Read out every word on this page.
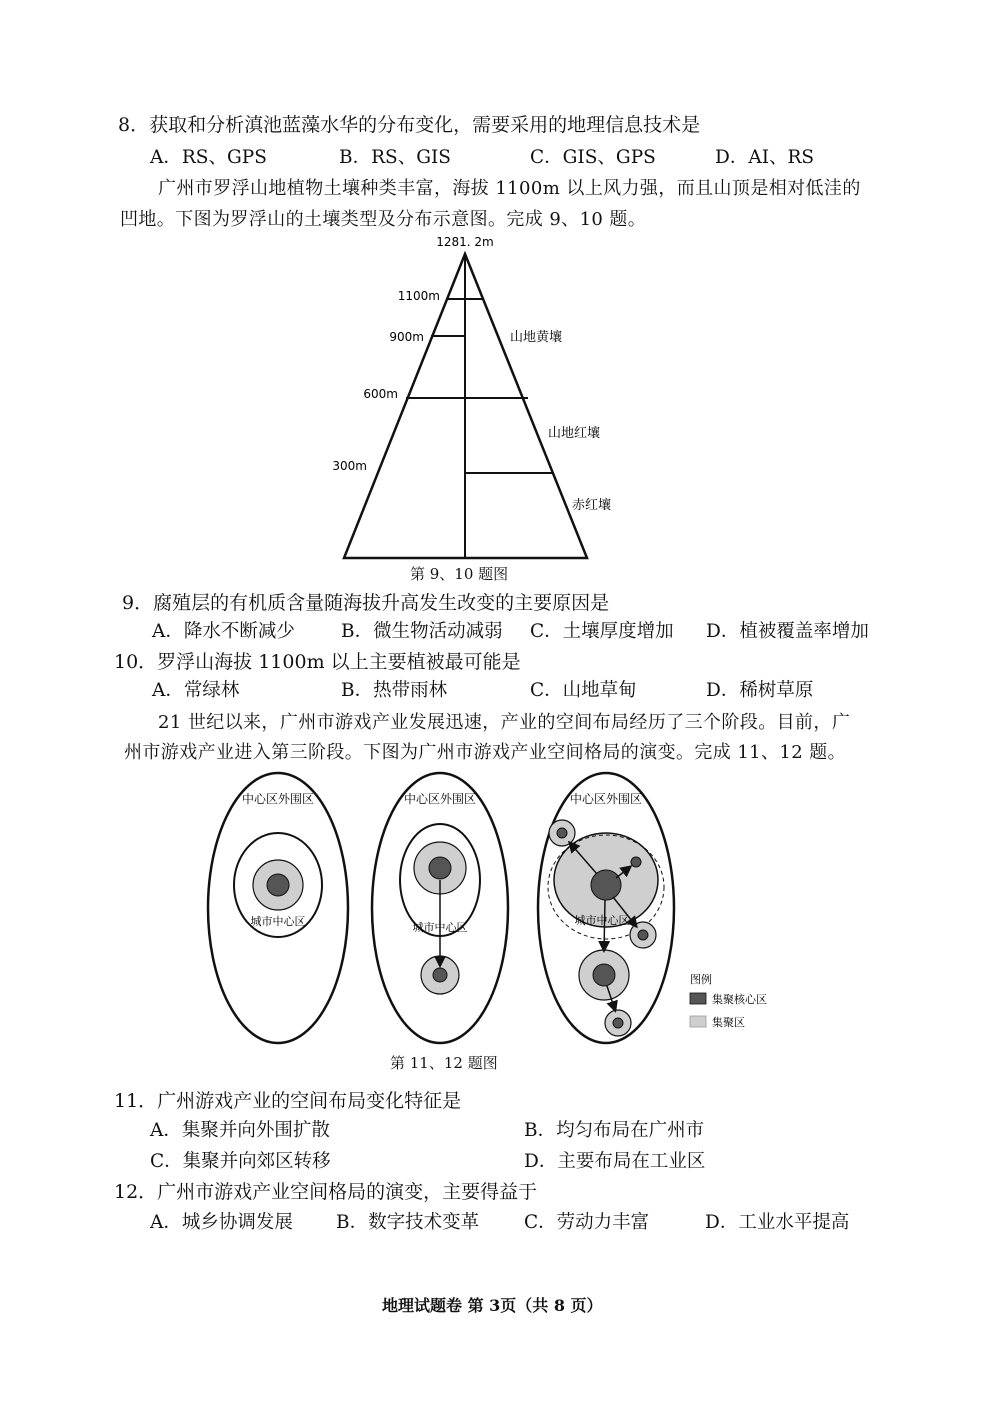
8．获取和分析滇池蓝藻水华的分布变化，需要采用的地理信息技术是
A．RS、GPS	B．RS、GIS	C．GIS、GPS	D．AI、RS
广州市罗浮山地植物土壤种类丰富，海拔 1100m 以上风力强，而且山顶是相对低洼的
凹地。下图为罗浮山的土壤类型及分布示意图。完成 9、10 题。
1281. 2m
1100m
900m
600m
300m
山地黄壤
山地红壤
赤红壤
第 9、10 题图
9．腐殖层的有机质含量随海拔升高发生改变的主要原因是
A．降水不断减少 B．微生物活动减弱 C．土壤厚度增加 D．植被覆盖率增加
10．罗浮山海拔 1100m 以上主要植被最可能是
A．常绿林	B．热带雨林	C．山地草甸	D．稀树草原
21 世纪以来，广州市游戏产业发展迅速，产业的空间布局经历了三个阶段。目前，广
州市游戏产业进入第三阶段。下图为广州市游戏产业空间格局的演变。完成 11、12 题。
中心区外围区
城市中心区
中心区外围区
城市中心区
中心区外围区
城市中心区
图例
集聚核心区
集聚区
第 11、12 题图
11．广州游戏产业的空间布局变化特征是
A．集聚并向外围扩散	B．均匀布局在广州市
C．集聚并向郊区转移	D．主要布局在工业区
12．广州市游戏产业空间格局的演变，主要得益于
A．城乡协调发展 B．数字技术变革 C．劳动力丰富	D．工业水平提高
地理试题卷 第 3页（共 8 页）
